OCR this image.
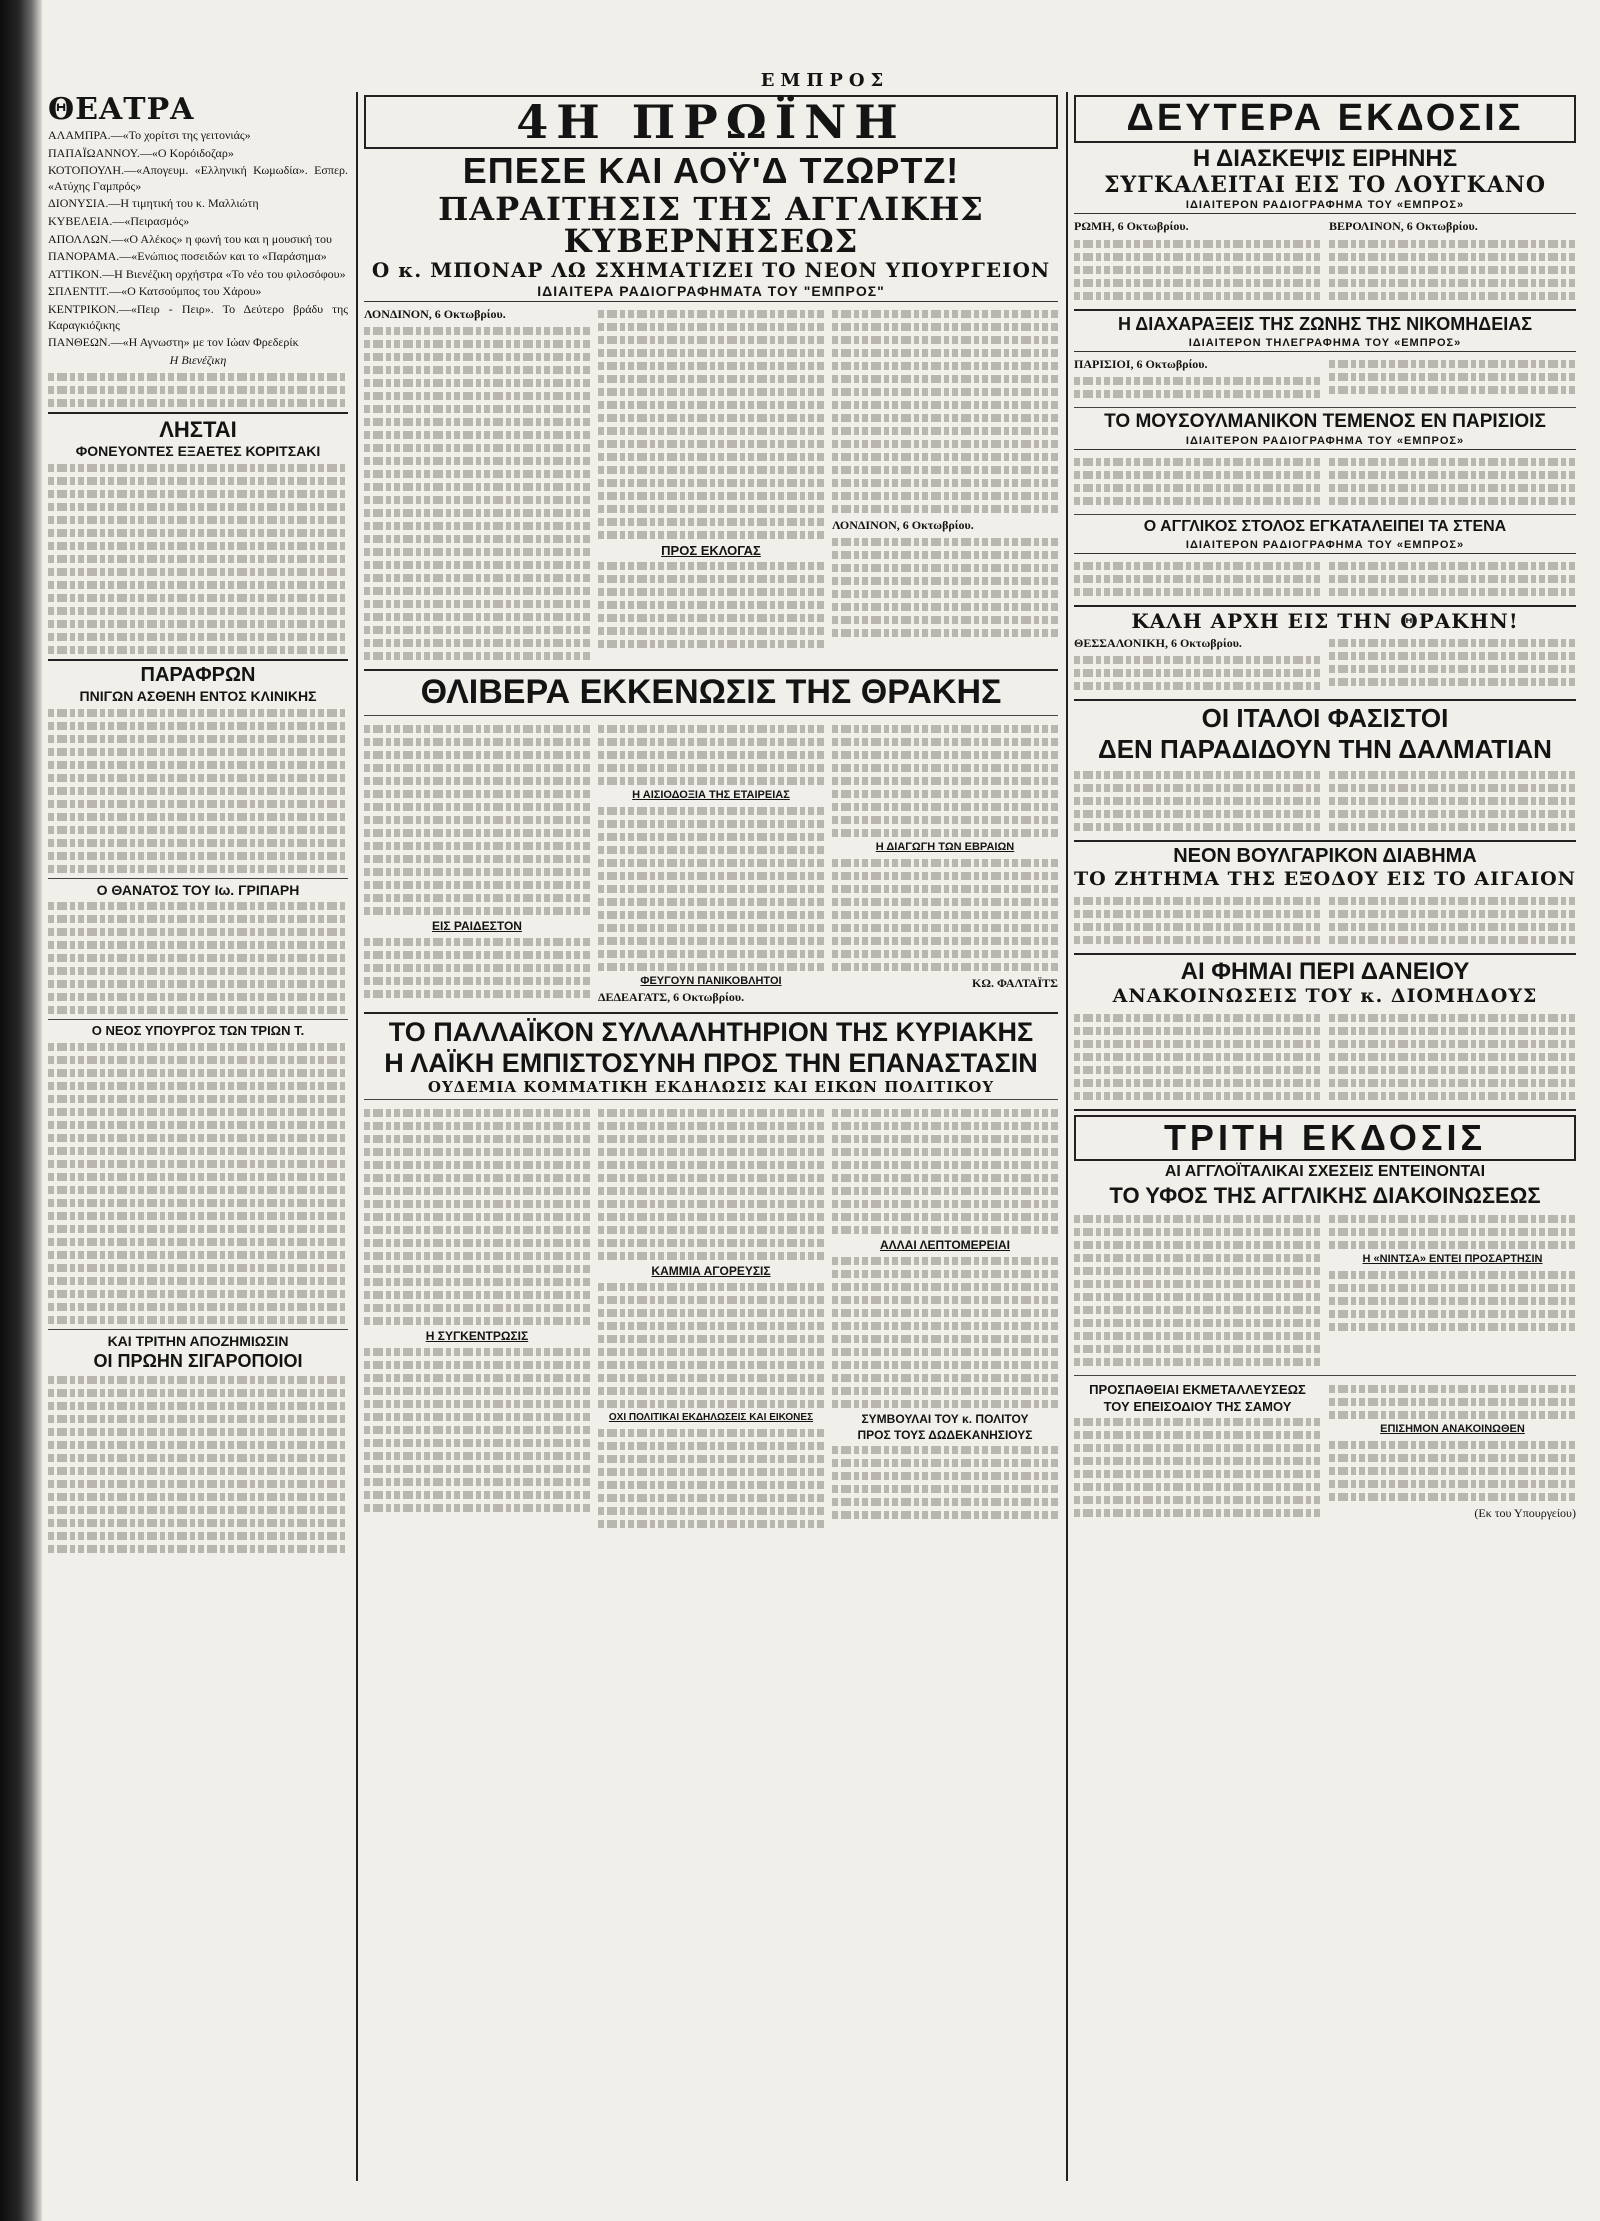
ΕΜΠΡΟΣ
ΘΕΑΤΡΑ
ΑΛΑΜΠΡΑ.—«Το χορίτσι της γειτονιάς»
ΠΑΠΑΪΩΑΝΝΟΥ.—«Ο Κορόιδοζαρ»
ΚΟΤΟΠΟΥΛΗ.—«Απογευμ. «Ελληνική Κωμωδία». Εσπερ. «Ατύχης Γαμπρός»
ΔΙΟΝΥΣΙΑ.—Η τιμητική του κ. Μαλλιώτη
ΚΥΒΕΛΕΙΑ.—«Πειρασμός»
ΑΠΟΛΛΩΝ.—«Ο Αλέκος» η φωνή του και η μουσική του
ΠΑΝΟΡΑΜΑ.—«Ενώπιος ποσειδών και το «Παράσημα»
ΑΤΤΙΚΟΝ.—Η Βιενέζικη ορχήστρα «Το νέο του φιλοσόφου»
ΣΠΛΕΝΤΙΤ.—«Ο Κατσούμπος του Χάρου»
ΚΕΝΤΡΙΚΟΝ.—«Πειρ - Πειρ». Το Δεύτερο βράδυ της Καραγκιόζικης
ΠΑΝΘΕΩΝ.—«Η Αγνωστη» με τον Ιώαν Φρεδερίκ
Η Βιενέζικη
ΛΗΣΤΑΙ
ΦΟΝΕΥΟΝΤΕΣ ΕΞΑΕΤΕΣ ΚΟΡΙΤΣΑΚΙ
ΠΑΡΑΦΡΩΝ
ΠΝΙΓΩΝ ΑΣΘΕΝΗ ΕΝΤΟΣ ΚΛΙΝΙΚΗΣ
Ο ΘΑΝΑΤΟΣ ΤΟΥ Ιω. ΓΡΙΠΑΡΗ
Ο ΝΕΟΣ ΥΠΟΥΡΓΟΣ ΤΩΝ ΤΡΙΩΝ Τ.
ΚΑΙ ΤΡΙΤΗΝ ΑΠΟΖΗΜΙΩΣΙΝ
ΟΙ ΠΡΩΗΝ ΣΙΓΑΡΟΠΟΙΟΙ
4Η ΠΡΩΪΝΗ
ΕΠΕΣΕ ΚΑΙ ΑΟΫ'Δ ΤΖΩΡΤΖ!
ΠΑΡΑΙΤΗΣΙΣ ΤΗΣ ΑΓΓΛΙΚΗΣ ΚΥΒΕΡΝΗΣΕΩΣ
Ο κ. ΜΠΟΝΑΡ ΛΩ ΣΧΗΜΑΤΙΖΕΙ ΤΟ ΝΕΟΝ ΥΠΟΥΡΓΕΙΟΝ
ΙΔΙΑΙΤΕΡΑ ΡΑΔΙΟΓΡΑΦΗΜΑΤΑ ΤΟΥ "ΕΜΠΡΟΣ"
ΛΟΝΔΙΝΟΝ, 6 Οκτωβρίου.
ΠΡΟΣ ΕΚΛΟΓΑΣ
ΛΟΝΔΙΝΟΝ, 6 Οκτωβρίου.
ΘΛΙΒΕΡΑ ΕΚΚΕΝΩΣΙΣ ΤΗΣ ΘΡΑΚΗΣ
ΕΙΣ ΡΑΙΔΕΣΤΟΝ
Η ΑΙΣΙΟΔΟΞΙΑ ΤΗΣ ΕΤΑΙΡΕΙΑΣ
ΦΕΥΓΟΥΝ ΠΑΝΙΚΟΒΛΗΤΟΙ
ΔΕΔΕΑΓΑΤΣ, 6 Οκτωβρίου.
Η ΔΙΑΓΩΓΗ ΤΩΝ ΕΒΡΑΙΩΝ
ΚΩ. ΦΑΛΤΑΪΤΣ
ΤΟ ΠΑΛΛΑΪΚΟΝ ΣΥΛΛΑΛΗΤΗΡΙΟΝ ΤΗΣ ΚΥΡΙΑΚΗΣ
Η ΛΑΪΚΗ ΕΜΠΙΣΤΟΣΥΝΗ ΠΡΟΣ ΤΗΝ ΕΠΑΝΑΣΤΑΣΙΝ
ΟΥΔΕΜΙΑ ΚΟΜΜΑΤΙΚΗ ΕΚΔΗΛΩΣΙΣ ΚΑΙ ΕΙΚΩΝ ΠΟΛΙΤΙΚΟΥ
Η ΣΥΓΚΕΝΤΡΩΣΙΣ
ΚΑΜΜΙΑ ΑΓΟΡΕΥΣΙΣ
ΟΧΙ ΠΟΛΙΤΙΚΑΙ ΕΚΔΗΛΩΣΕΙΣ ΚΑΙ ΕΙΚΟΝΕΣ
ΑΛΛΑΙ ΛΕΠΤΟΜΕΡΕΙΑΙ
ΣΥΜΒΟΥΛΑΙ ΤΟΥ κ. ΠΟΛΙΤΟΥ
ΠΡΟΣ ΤΟΥΣ ΔΩΔΕΚΑΝΗΣΙΟΥΣ
ΔΕΥΤΕΡΑ ΕΚΔΟΣΙΣ
Η ΔΙΑΣΚΕΨΙΣ ΕΙΡΗΝΗΣ
ΣΥΓΚΑΛΕΙΤΑΙ ΕΙΣ ΤΟ ΛΟΥΓΚΑΝΟ
ΙΔΙΑΙΤΕΡΟΝ ΡΑΔΙΟΓΡΑΦΗΜΑ ΤΟΥ «ΕΜΠΡΟΣ»
ΡΩΜΗ, 6 Οκτωβρίου.	ΒΕΡΟΛΙΝΟΝ, 6 Οκτωβρίου.
Η ΔΙΑΧΑΡΑΞΕΙΣ ΤΗΣ ΖΩΝΗΣ ΤΗΣ ΝΙΚΟΜΗΔΕΙΑΣ
ΙΔΙΑΙΤΕΡΟΝ ΤΗΛΕΓΡΑΦΗΜΑ ΤΟΥ «ΕΜΠΡΟΣ»
ΠΑΡΙΣΙΟΙ, 6 Οκτωβρίου.
ΤΟ ΜΟΥΣΟΥΛΜΑΝΙΚΟΝ ΤΕΜΕΝΟΣ ΕΝ ΠΑΡΙΣΙΟΙΣ
ΙΔΙΑΙΤΕΡΟΝ ΡΑΔΙΟΓΡΑΦΗΜΑ ΤΟΥ «ΕΜΠΡΟΣ»
Ο ΑΓΓΛΙΚΟΣ ΣΤΟΛΟΣ ΕΓΚΑΤΑΛΕΙΠΕΙ ΤΑ ΣΤΕΝΑ
ΙΔΙΑΙΤΕΡΟΝ ΡΑΔΙΟΓΡΑΦΗΜΑ ΤΟΥ «ΕΜΠΡΟΣ»
ΚΑΛΗ ΑΡΧΗ ΕΙΣ ΤΗΝ ΘΡΑΚΗΝ!
ΘΕΣΣΑΛΟΝΙΚΗ, 6 Οκτωβρίου.
ΟΙ ΙΤΑΛΟΙ ΦΑΣΙΣΤΟΙ
ΔΕΝ ΠΑΡΑΔΙΔΟΥΝ ΤΗΝ ΔΑΛΜΑΤΙΑΝ
ΝΕΟΝ ΒΟΥΛΓΑΡΙΚΟΝ ΔΙΑΒΗΜΑ
ΤΟ ΖΗΤΗΜΑ ΤΗΣ ΕΞΟΔΟΥ ΕΙΣ ΤΟ ΑΙΓΑΙΟΝ
ΑΙ ΦΗΜΑΙ ΠΕΡΙ ΔΑΝΕΙΟΥ
ΑΝΑΚΟΙΝΩΣΕΙΣ ΤΟΥ κ. ΔΙΟΜΗΔΟΥΣ
ΤΡΙΤΗ ΕΚΔΟΣΙΣ
ΑΙ ΑΓΓΛΟΪΤΑΛΙΚΑΙ ΣΧΕΣΕΙΣ ΕΝΤΕΙΝΟΝΤΑΙ
ΤΟ ΥΦΟΣ ΤΗΣ ΑΓΓΛΙΚΗΣ ΔΙΑΚΟΙΝΩΣΕΩΣ
Η «ΝΙΝΤΣΑ» ΕΝΤΕΙ ΠΡΟΣΑΡΤΗΣΙΝ
ΠΡΟΣΠΑΘΕΙΑΙ ΕΚΜΕΤΑΛΛΕΥΣΕΩΣ
ΤΟΥ ΕΠΕΙΣΟΔΙΟΥ ΤΗΣ ΣΑΜΟΥ
ΕΠΙΣΗΜΟΝ ΑΝΑΚΟΙΝΩΘΕΝ
(Εκ του Υπουργείου)
